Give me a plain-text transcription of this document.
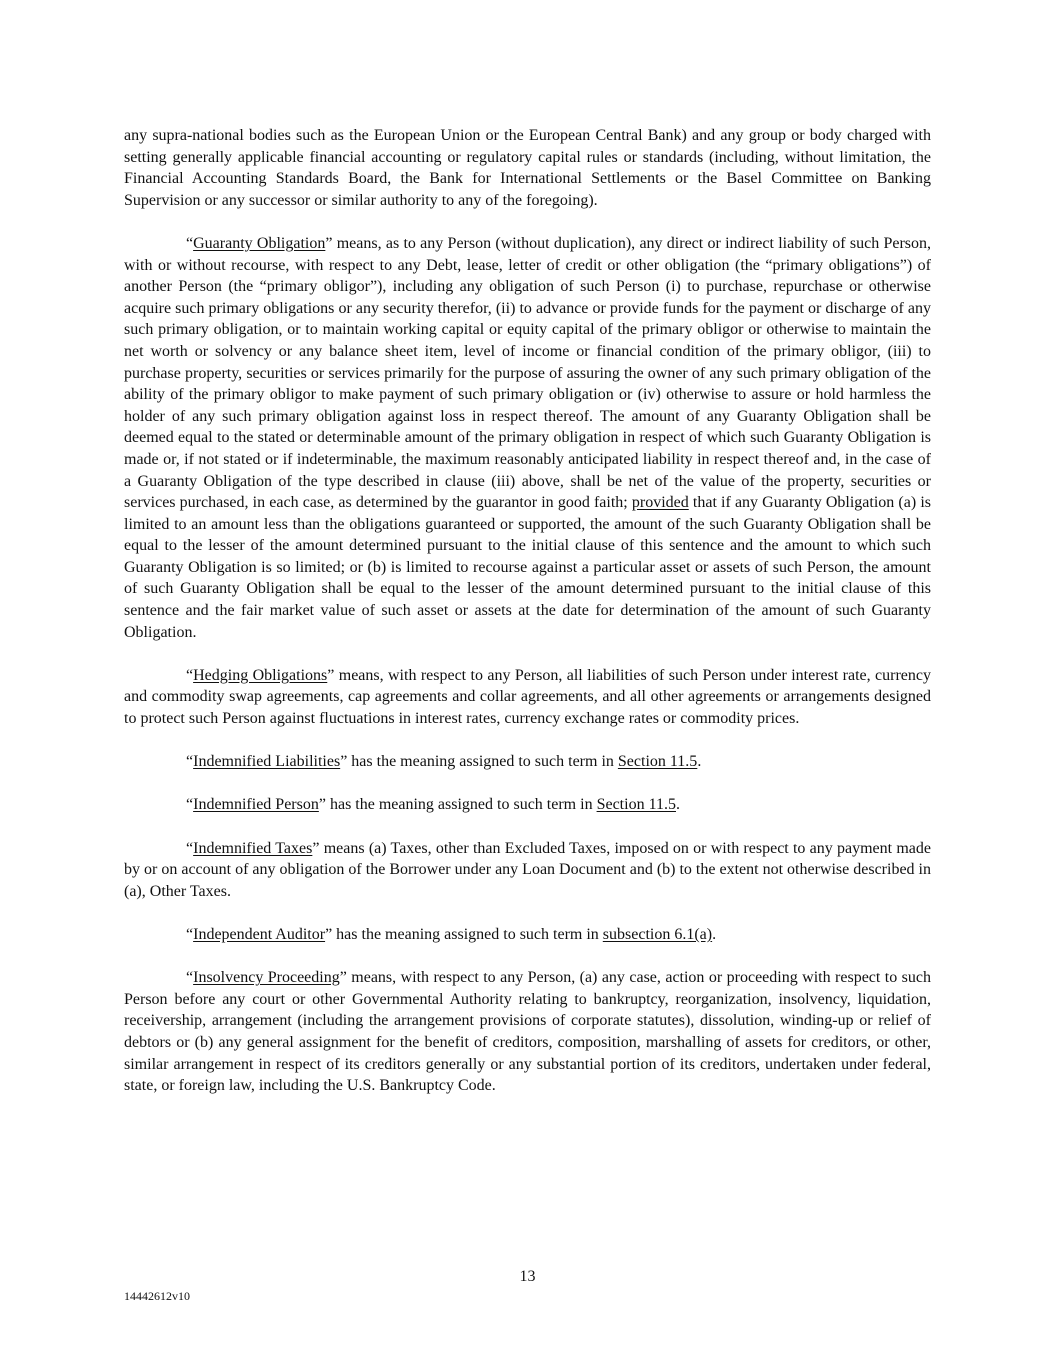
any supra-national bodies such as the European Union or the European Central Bank) and any group or body charged with setting generally applicable financial accounting or regulatory capital rules or standards (including, without limitation, the Financial Accounting Standards Board, the Bank for International Settlements or the Basel Committee on Banking Supervision or any successor or similar authority to any of the foregoing).

“Guaranty Obligation” means, as to any Person (without duplication), any direct or indirect liability of such Person, with or without recourse, with respect to any Debt, lease, letter of credit or other obligation (the “primary obligations”) of another Person (the “primary obligor”), including any obligation of such Person (i) to purchase, repurchase or otherwise acquire such primary obligations or any security therefor, (ii) to advance or provide funds for the payment or discharge of any such primary obligation, or to maintain working capital or equity capital of the primary obligor or otherwise to maintain the net worth or solvency or any balance sheet item, level of income or financial condition of the primary obligor, (iii) to purchase property, securities or services primarily for the purpose of assuring the owner of any such primary obligation of the ability of the primary obligor to make payment of such primary obligation or (iv) otherwise to assure or hold harmless the holder of any such primary obligation against loss in respect thereof. The amount of any Guaranty Obligation shall be deemed equal to the stated or determinable amount of the primary obligation in respect of which such Guaranty Obligation is made or, if not stated or if indeterminable, the maximum reasonably anticipated liability in respect thereof and, in the case of a Guaranty Obligation of the type described in clause (iii) above, shall be net of the value of the property, securities or services purchased, in each case, as determined by the guarantor in good faith; provided that if any Guaranty Obligation (a) is limited to an amount less than the obligations guaranteed or supported, the amount of the such Guaranty Obligation shall be equal to the lesser of the amount determined pursuant to the initial clause of this sentence and the amount to which such Guaranty Obligation is so limited; or (b) is limited to recourse against a particular asset or assets of such Person, the amount of such Guaranty Obligation shall be equal to the lesser of the amount determined pursuant to the initial clause of this sentence and the fair market value of such asset or assets at the date for determination of the amount of such Guaranty Obligation.

“Hedging Obligations” means, with respect to any Person, all liabilities of such Person under interest rate, currency and commodity swap agreements, cap agreements and collar agreements, and all other agreements or arrangements designed to protect such Person against fluctuations in interest rates, currency exchange rates or commodity prices.

“Indemnified Liabilities” has the meaning assigned to such term in Section 11.5.

“Indemnified Person” has the meaning assigned to such term in Section 11.5.

“Indemnified Taxes” means (a) Taxes, other than Excluded Taxes, imposed on or with respect to any payment made by or on account of any obligation of the Borrower under any Loan Document and (b) to the extent not otherwise described in (a), Other Taxes.

“Independent Auditor” has the meaning assigned to such term in subsection 6.1(a).

“Insolvency Proceeding” means, with respect to any Person, (a) any case, action or proceeding with respect to such Person before any court or other Governmental Authority relating to bankruptcy, reorganization, insolvency, liquidation, receivership, arrangement (including the arrangement provisions of corporate statutes), dissolution, winding-up or relief of debtors or (b) any general assignment for the benefit of creditors, composition, marshalling of assets for creditors, or other, similar arrangement in respect of its creditors generally or any substantial portion of its creditors, undertaken under federal, state, or foreign law, including the U.S. Bankruptcy Code.

13
14442612v10
